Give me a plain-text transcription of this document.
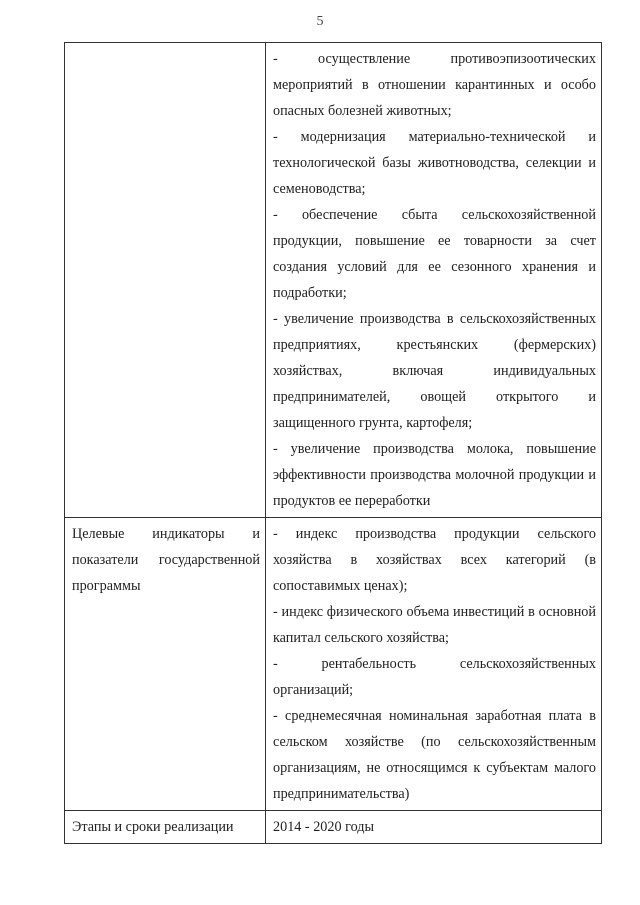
5

	- осуществление противоэпизоотических мероприятий в отношении карантинных и особо опасных болезней животных;
- модернизация материально-технической и технологической базы животноводства, селекции и семеноводства;
- обеспечение сбыта сельскохозяйственной продукции, повышение ее товарности за счет создания условий для ее сезонного хранения и подработки;
- увеличение производства в сельскохозяйственных предприятиях, крестьянских (фермерских) хозяйствах, включая индивидуальных предпринимателей, овощей открытого и защищенного грунта, картофеля;
- увеличение производства молока, повышение эффективности производства молочной продукции и продуктов ее переработки

Целевые индикаторы и показатели государственной программы	- индекс производства продукции сельского хозяйства в хозяйствах всех категорий (в сопоставимых ценах);
- индекс физического объема инвестиций в основной капитал сельского хозяйства;
- рентабельность сельскохозяйственных организаций;
- среднемесячная номинальная заработная плата в сельском хозяйстве (по сельскохозяйственным организациям, не относящимся к субъектам малого предпринимательства)

Этапы и сроки реализации	2014 - 2020 годы
